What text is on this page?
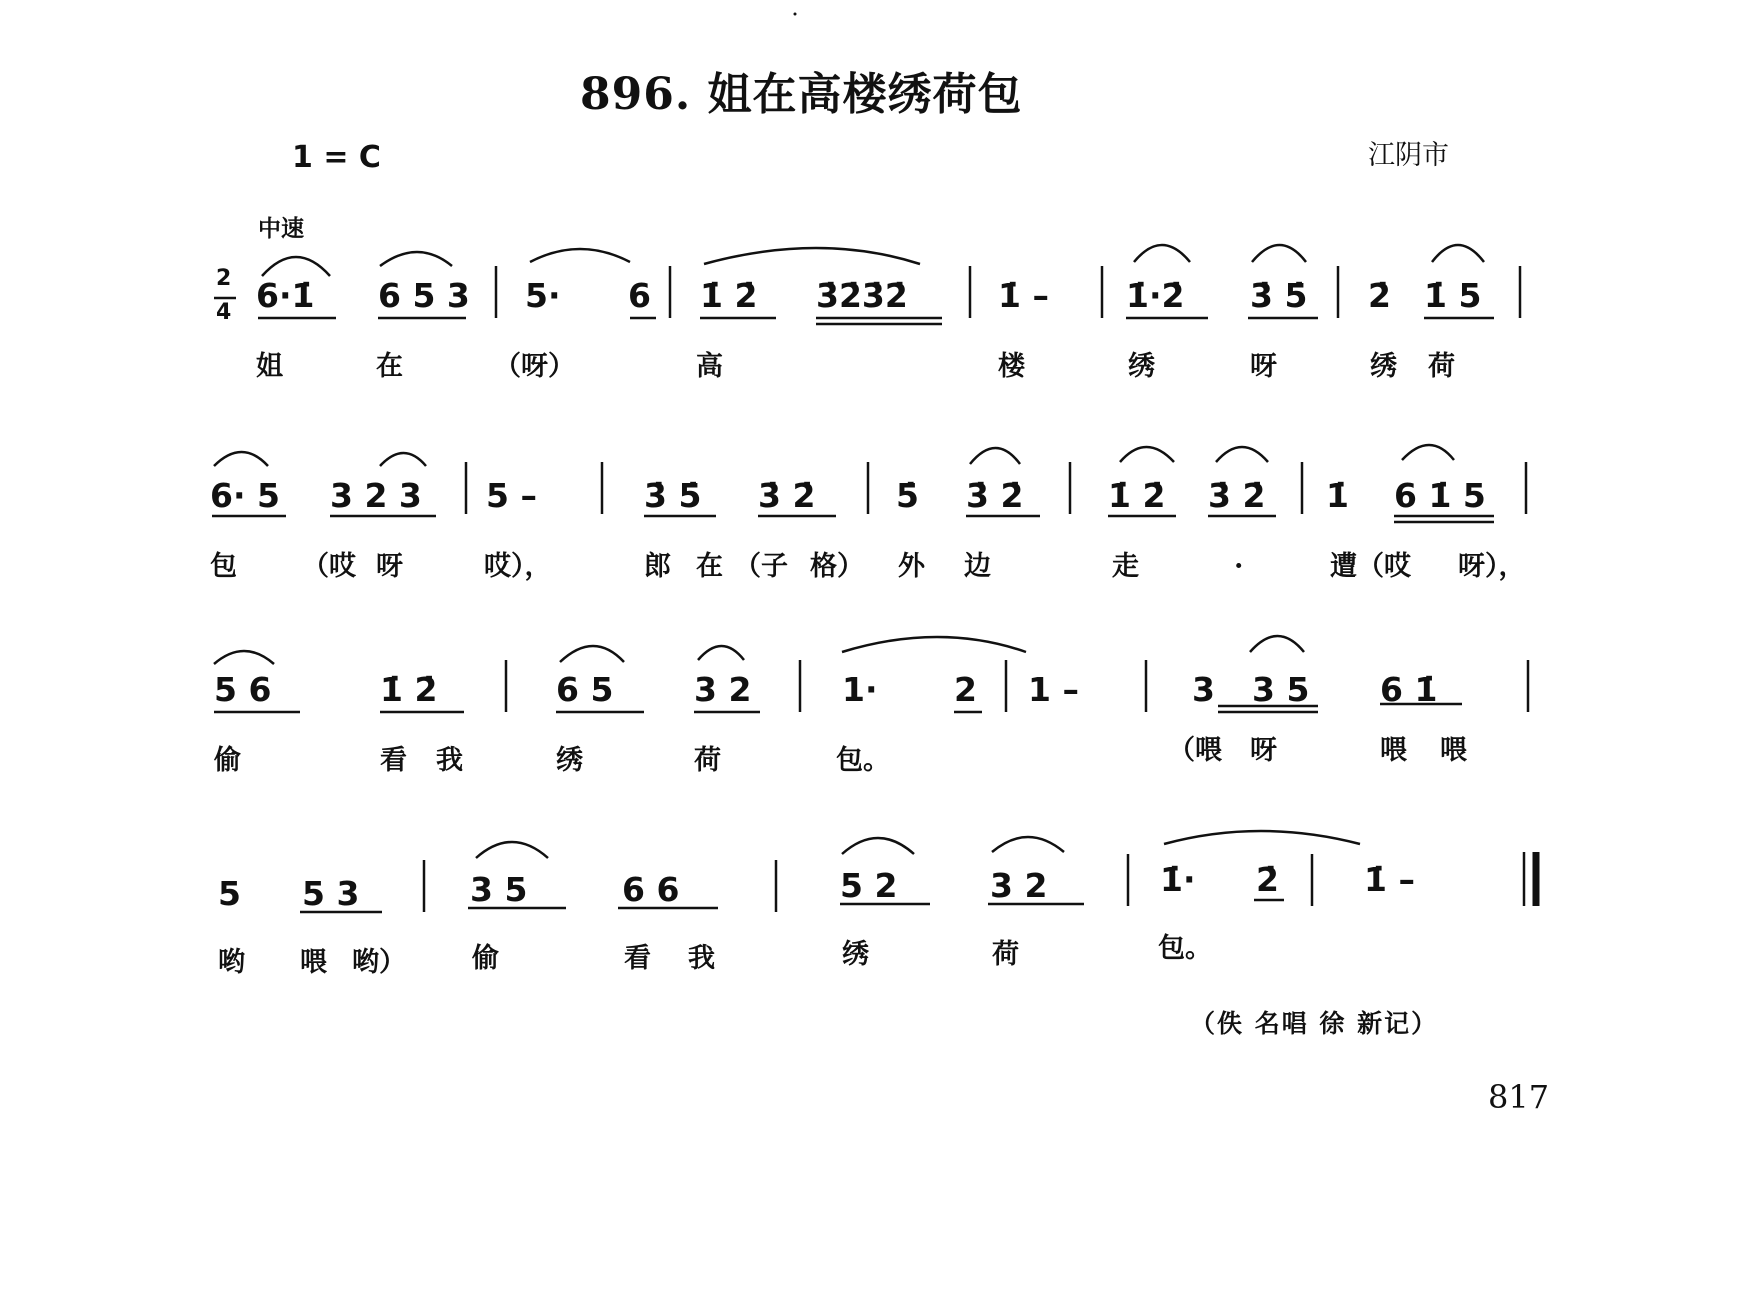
896. 姐在高楼绣荷包
1 = C	江阴市
中速
2
4 6·1̇ 6 5 3 5· 6 1̇ 2̇ 3̇2̇3̇2̇	1̇ – 1̇·2̇ 3̇ 5̇ 2̇ 1̇ 5
姐	在	（呀）	高	楼	绣	呀	绣 荷
6· 5 3 2 3 5 –	3̇ 5̇ 3̇ 2̇ 5̇ 3̇ 2̇	1̇ 2̇ 3̇ 2̇ 1̇ 6 1̇ 5
包 （哎 呀	哎），	郎 在 （子 格） 外 边	走	·	遭（哎 呀），
5 6	1̇ 2̇	6 5 3 2	1· 2 1 –	3 3 5 6 1̇
偷	看 我	绣	荷	包。	（喂 呀	喂 喂
5 5 3	3 5	6 6	5 2	3 2	1̇· 2̇	1̇ –
哟 喂 哟） 偷	看 我	绣	荷	包。
（佚 名唱 徐 新记）
817
